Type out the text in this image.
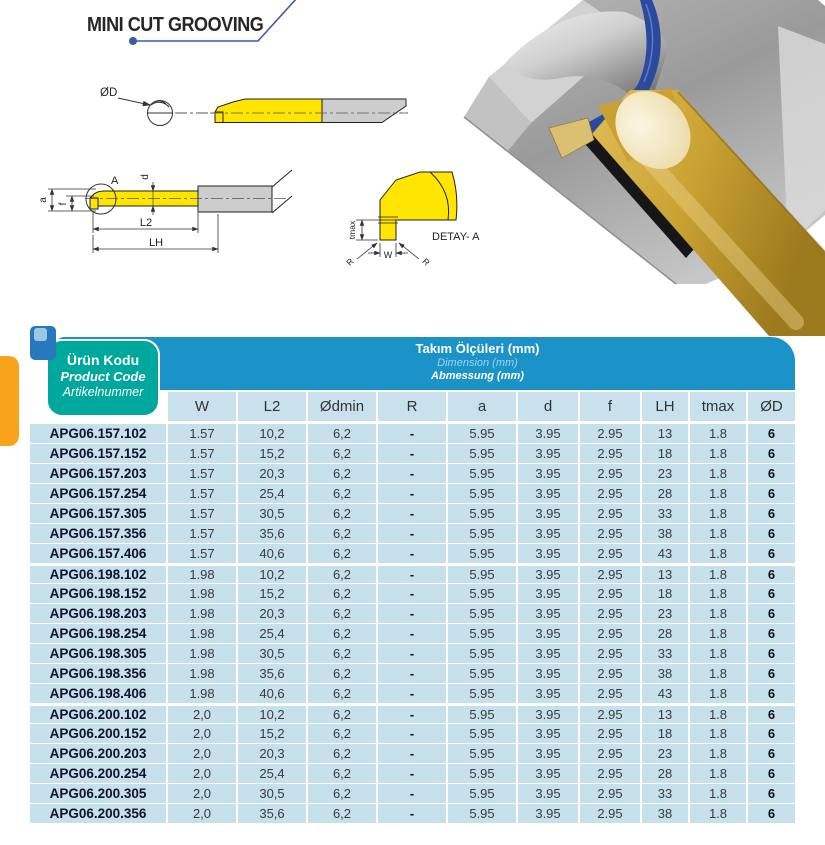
MINI CUT GROOVING
ØD
A
a
f
d
L2
LH
tmax
W
R	R
DETAY- A
Takım Ölçüleri (mm)
Dimension (mm)
Abmessung (mm)
Ürün Kodu
Product Code
Artikelnummer
	W	L2	Ødmin	R	a	d	f	LH	tmax	ØD
APG06.157.102	1.57	10,2	6,2	-	5.95	3.95	2.95	13	1.8	6
APG06.157.152	1.57	15,2	6,2	-	5.95	3.95	2.95	18	1.8	6
APG06.157.203	1.57	20,3	6,2	-	5.95	3.95	2.95	23	1.8	6
APG06.157.254	1.57	25,4	6,2	-	5.95	3.95	2.95	28	1.8	6
APG06.157.305	1.57	30,5	6,2	-	5.95	3.95	2.95	33	1.8	6
APG06.157.356	1.57	35,6	6,2	-	5.95	3.95	2.95	38	1.8	6
APG06.157.406	1.57	40,6	6,2	-	5.95	3.95	2.95	43	1.8	6
APG06.198.102	1.98	10,2	6,2	-	5.95	3.95	2.95	13	1.8	6
APG06.198.152	1.98	15,2	6,2	-	5.95	3.95	2.95	18	1.8	6
APG06.198.203	1.98	20,3	6,2	-	5.95	3.95	2.95	23	1.8	6
APG06.198.254	1.98	25,4	6,2	-	5.95	3.95	2.95	28	1.8	6
APG06.198.305	1.98	30,5	6,2	-	5.95	3.95	2.95	33	1.8	6
APG06.198.356	1.98	35,6	6,2	-	5.95	3.95	2.95	38	1.8	6
APG06.198.406	1.98	40,6	6,2	-	5.95	3.95	2.95	43	1.8	6
APG06.200.102	2,0	10,2	6,2	-	5.95	3.95	2.95	13	1.8	6
APG06.200.152	2,0	15,2	6,2	-	5.95	3.95	2.95	18	1.8	6
APG06.200.203	2,0	20,3	6,2	-	5.95	3.95	2.95	23	1.8	6
APG06.200.254	2,0	25,4	6,2	-	5.95	3.95	2.95	28	1.8	6
APG06.200.305	2,0	30,5	6,2	-	5.95	3.95	2.95	33	1.8	6
APG06.200.356	2,0	35,6	6,2	-	5.95	3.95	2.95	38	1.8	6
